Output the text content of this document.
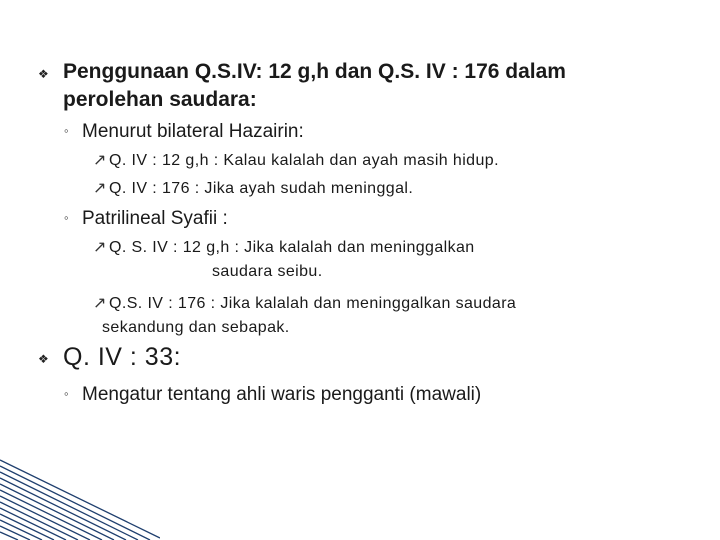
❖ Penggunaan Q.S.IV: 12 g,h dan Q.S. IV : 176 dalam
perolehan saudara:
◦ Menurut bilateral Hazairin:
↗ Q. IV : 12 g,h : Kalau kalalah dan ayah masih hidup.
↗ Q. IV : 176 : Jika ayah sudah meninggal.
◦ Patrilineal Syafii :
↗ Q. S. IV : 12 g,h : Jika kalalah dan meninggalkan
saudara seibu.
↗ Q.S. IV : 176 : Jika kalalah dan meninggalkan saudara
sekandung dan sebapak.
❖ Q. IV : 33:
◦ Mengatur tentang ahli waris pengganti (mawali)
